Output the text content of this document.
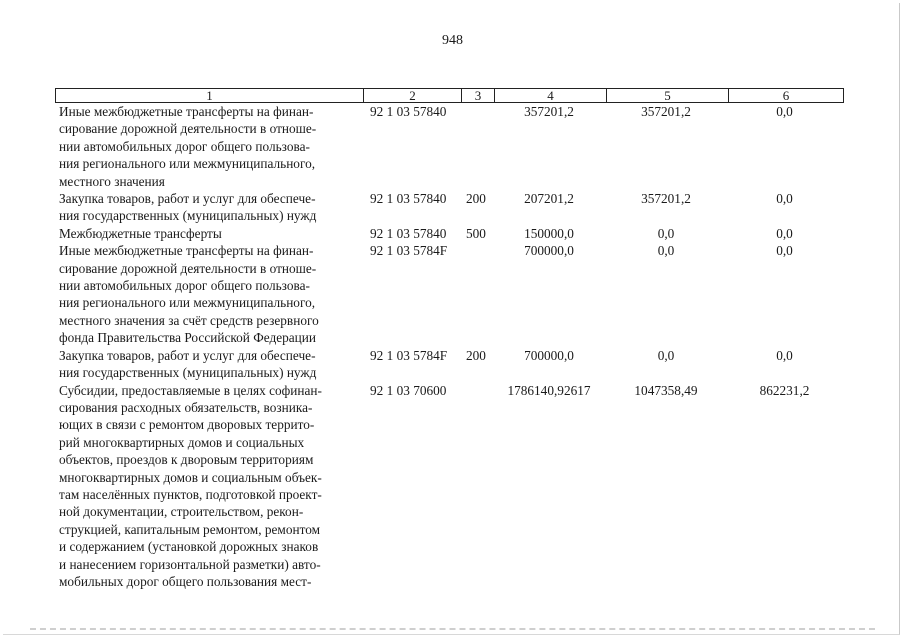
948
1	2	3	4	5	6
Иные межбюджетные трансферты на финан-
сирование дорожной деятельности в отноше-
нии автомобильных дорог общего пользова-
ния регионального или межмуниципального,
местного значения
92 1 03 57840	357201,2	357201,2	0,0
Закупка товаров, работ и услуг для обеспече-
ния государственных (муниципальных) нужд
92 1 03 57840 200	207201,2	357201,2	0,0
Межбюджетные трансферты	92 1 03 57840 500	150000,0	0,0	0,0
Иные межбюджетные трансферты на финан-
сирование дорожной деятельности в отноше-
нии автомобильных дорог общего пользова-
ния регионального или межмуниципального,
местного значения за счёт средств резервного
фонда Правительства Российской Федерации
92 1 03 5784F	700000,0	0,0	0,0
Закупка товаров, работ и услуг для обеспече-
ния государственных (муниципальных) нужд
92 1 03 5784F 200	700000,0	0,0	0,0
Субсидии, предоставляемые в целях софинан-
сирования расходных обязательств, возника-
ющих в связи с ремонтом дворовых террито-
рий многоквартирных домов и социальных
объектов, проездов к дворовым территориям
многоквартирных домов и социальным объек-
там населённых пунктов, подготовкой проект-
ной документации, строительством, рекон-
струкцией, капитальным ремонтом, ремонтом
и содержанием (установкой дорожных знаков
и нанесением горизонтальной разметки) авто-
мобильных дорог общего пользования мест-
92 1 03 70600	1786140,92617	1047358,49	862231,2
